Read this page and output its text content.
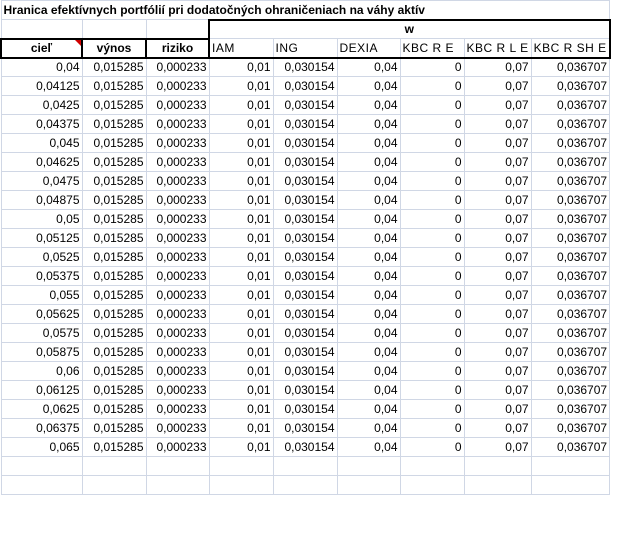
Hranica efektívnych portfólií pri dodatočných ohraničeniach na váhy aktív								
			w					
cieľ	výnos	riziko	IAM	ING	DEXIA	KBC R E	KBC R L E	KBC R SH E
0,04	0,015285	0,000233	0,01	0,030154	0,04	0	0,07	0,036707
0,04125	0,015285	0,000233	0,01	0,030154	0,04	0	0,07	0,036707
0,0425	0,015285	0,000233	0,01	0,030154	0,04	0	0,07	0,036707
0,04375	0,015285	0,000233	0,01	0,030154	0,04	0	0,07	0,036707
0,045	0,015285	0,000233	0,01	0,030154	0,04	0	0,07	0,036707
0,04625	0,015285	0,000233	0,01	0,030154	0,04	0	0,07	0,036707
0,0475	0,015285	0,000233	0,01	0,030154	0,04	0	0,07	0,036707
0,04875	0,015285	0,000233	0,01	0,030154	0,04	0	0,07	0,036707
0,05	0,015285	0,000233	0,01	0,030154	0,04	0	0,07	0,036707
0,05125	0,015285	0,000233	0,01	0,030154	0,04	0	0,07	0,036707
0,0525	0,015285	0,000233	0,01	0,030154	0,04	0	0,07	0,036707
0,05375	0,015285	0,000233	0,01	0,030154	0,04	0	0,07	0,036707
0,055	0,015285	0,000233	0,01	0,030154	0,04	0	0,07	0,036707
0,05625	0,015285	0,000233	0,01	0,030154	0,04	0	0,07	0,036707
0,0575	0,015285	0,000233	0,01	0,030154	0,04	0	0,07	0,036707
0,05875	0,015285	0,000233	0,01	0,030154	0,04	0	0,07	0,036707
0,06	0,015285	0,000233	0,01	0,030154	0,04	0	0,07	0,036707
0,06125	0,015285	0,000233	0,01	0,030154	0,04	0	0,07	0,036707
0,0625	0,015285	0,000233	0,01	0,030154	0,04	0	0,07	0,036707
0,06375	0,015285	0,000233	0,01	0,030154	0,04	0	0,07	0,036707
0,065	0,015285	0,000233	0,01	0,030154	0,04	0	0,07	0,036707
